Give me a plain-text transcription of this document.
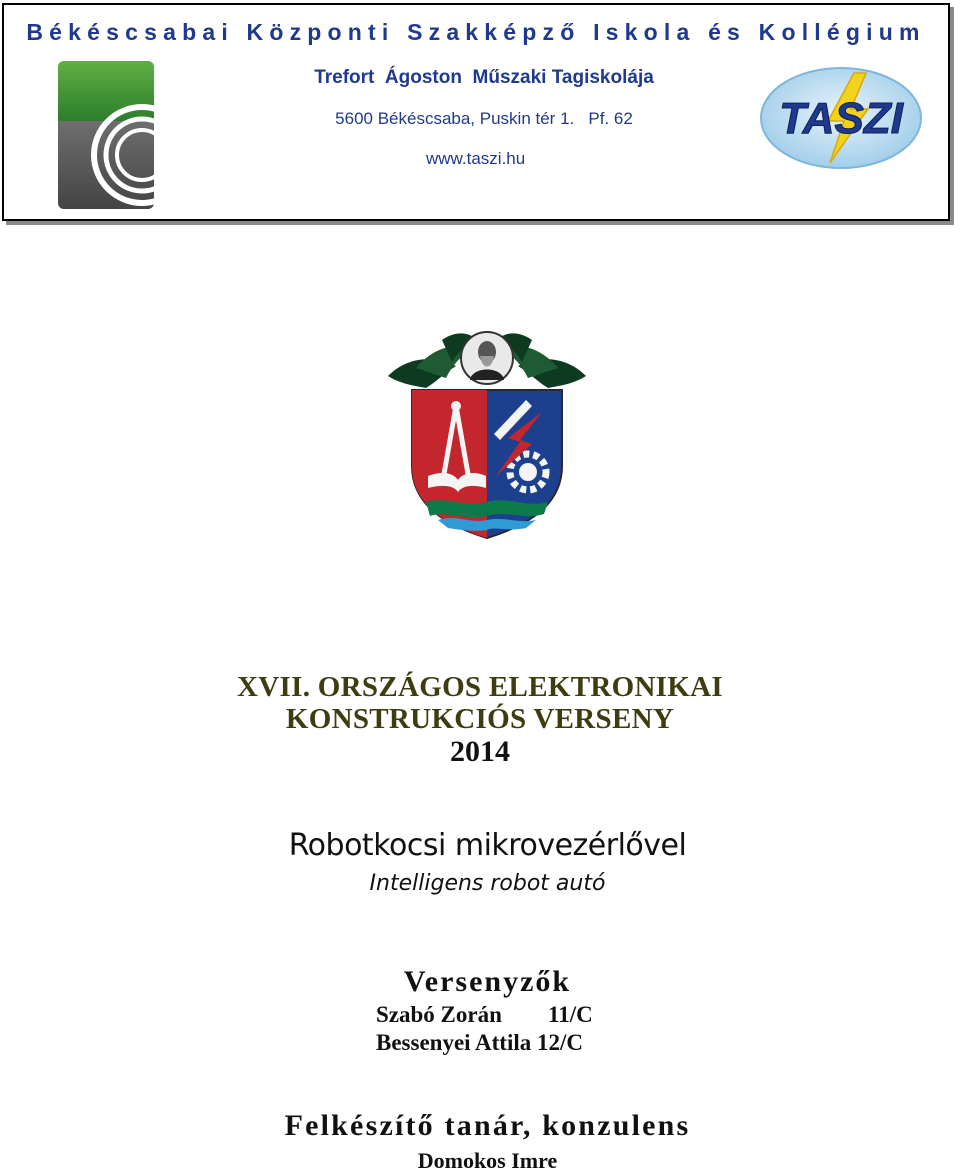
Békéscsabai Központi Szakképző Iskola és Kollégium
Trefort  Ágoston  Műszaki Tagiskolája
5600 Békéscsaba, Puskin tér 1.   Pf. 62
www.taszi.hu
TASZI
XVII. ORSZÁGOS ELEKTRONIKAI
KONSTRUKCIÓS VERSENY
2014
Robotkocsi mikrovezérlővel
Intelligens robot autó
Versenyzők
Szabó Zorán 11/C
Bessenyei Attila 12/C
Felkészítő tanár, konzulens
Domokos Imre
